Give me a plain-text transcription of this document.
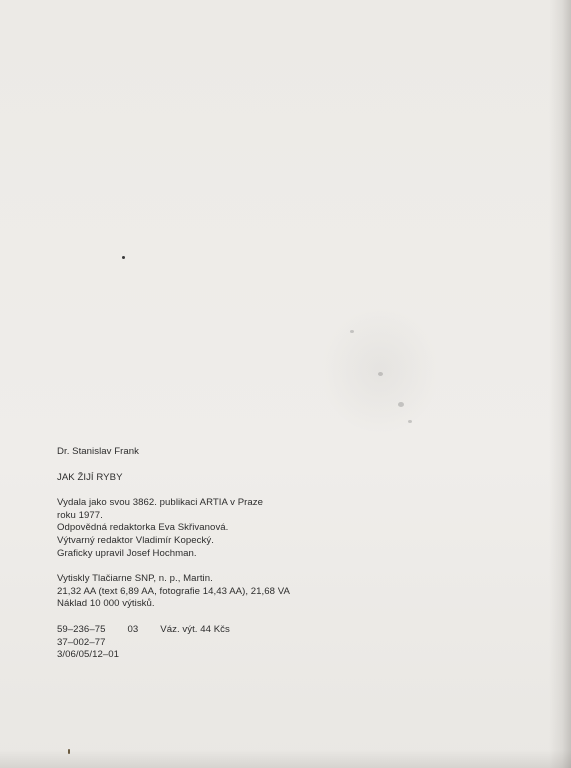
Dr. Stanislav Frank
JAK ŽIJÍ RYBY
Vydala jako svou 3862. publikaci ARTIA v Praze
roku 1977.
Odpovědná redaktorka Eva Skřivanová.
Výtvarný redaktor Vladimír Kopecký.
Graficky upravil Josef Hochman.
Vytiskly Tlačiarne SNP, n. p., Martin.
21,32 AA (text 6,89 AA, fotografie 14,43 AA), 21,68 VA
Náklad 10 000 výtisků.
59–236–75 03 Váz. výt. 44 Kčs
37–002–77
3/06/05/12–01
